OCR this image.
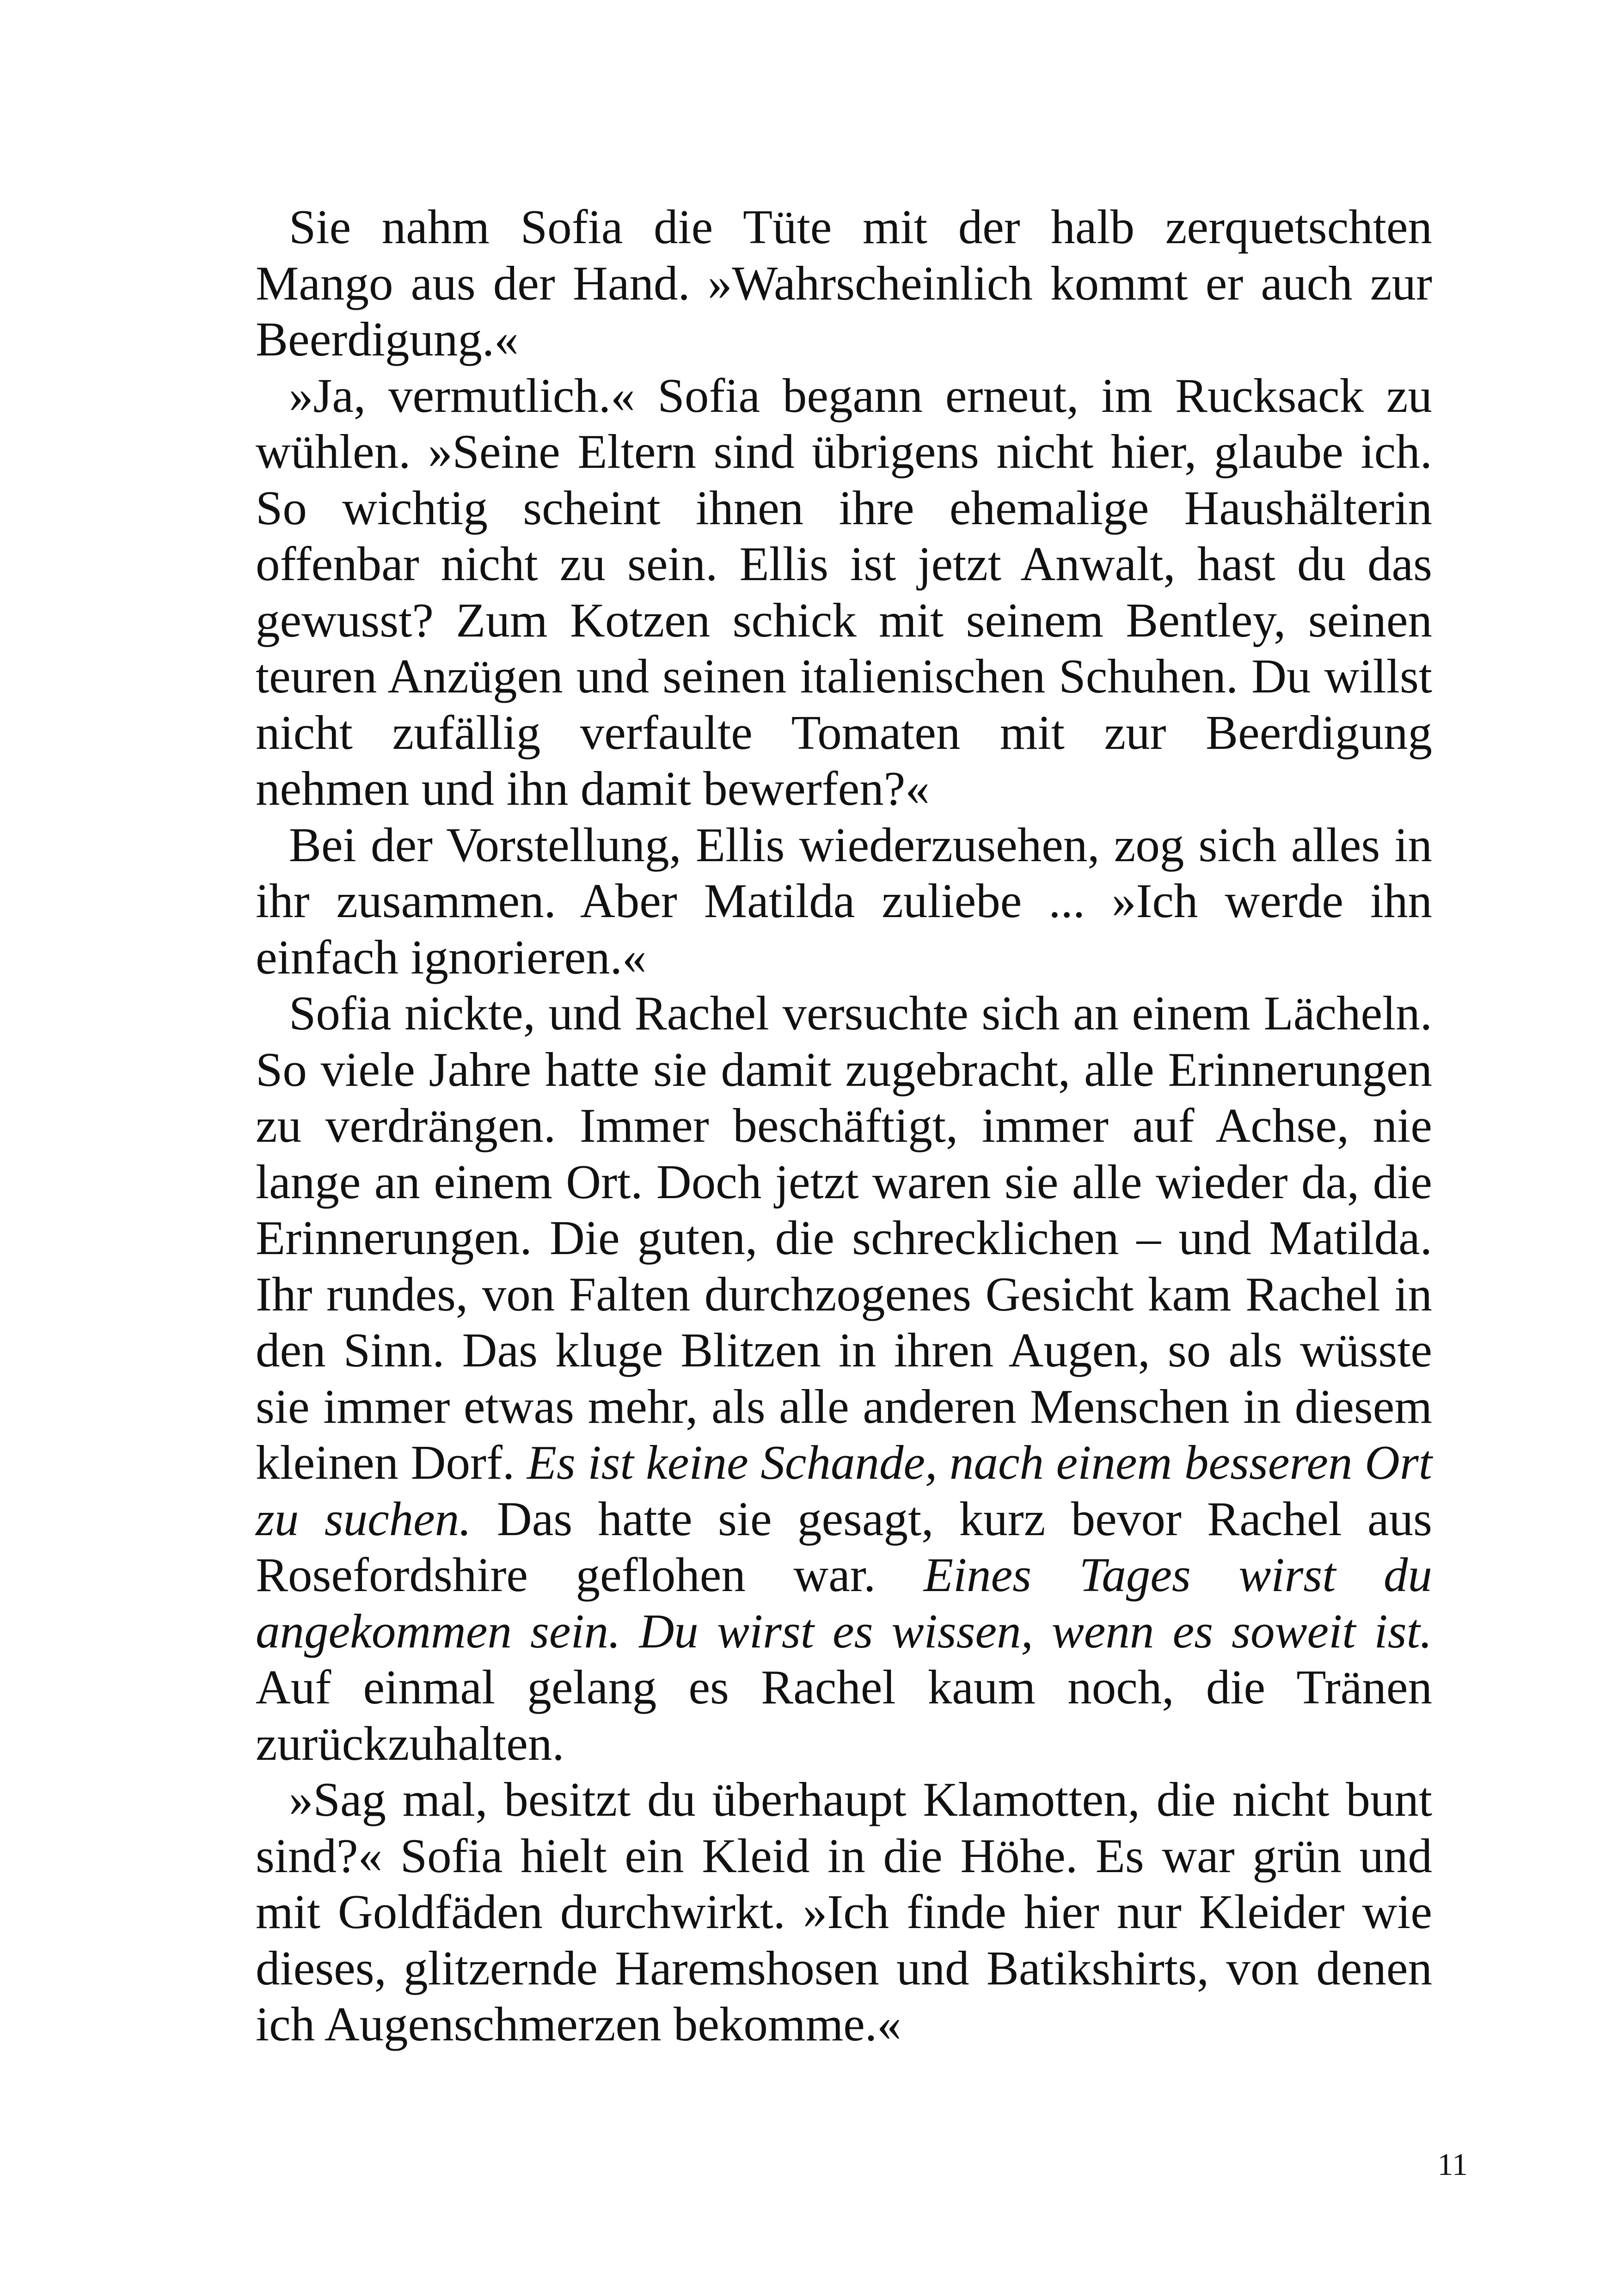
Sie nahm Sofia die Tüte mit der halb zerquetschten Mango aus der Hand. »Wahrscheinlich kommt er auch zur Beerdigung.«

»Ja, vermutlich.« Sofia begann erneut, im Rucksack zu wühlen. »Seine Eltern sind übrigens nicht hier, glaube ich. So wichtig scheint ihnen ihre ehemalige Haushälterin offenbar nicht zu sein. Ellis ist jetzt Anwalt, hast du das gewusst? Zum Kotzen schick mit seinem Bentley, seinen teuren Anzügen und seinen italienischen Schuhen. Du willst nicht zufällig verfaulte Tomaten mit zur Beerdigung nehmen und ihn damit bewerfen?«

Bei der Vorstellung, Ellis wiederzusehen, zog sich alles in ihr zusammen. Aber Matilda zuliebe ... »Ich werde ihn einfach ignorieren.«

Sofia nickte, und Rachel versuchte sich an einem Lächeln. So viele Jahre hatte sie damit zugebracht, alle Erinnerungen zu verdrängen. Immer beschäftigt, immer auf Achse, nie lange an einem Ort. Doch jetzt waren sie alle wieder da, die Erinnerungen. Die guten, die schrecklichen – und Matilda. Ihr rundes, von Falten durchzogenes Gesicht kam Rachel in den Sinn. Das kluge Blitzen in ihren Augen, so als wüsste sie immer etwas mehr, als alle anderen Menschen in diesem kleinen Dorf. Es ist keine Schande, nach einem besseren Ort zu suchen. Das hatte sie gesagt, kurz bevor Rachel aus Rosefordshire geflohen war. Eines Tages wirst du angekommen sein. Du wirst es wissen, wenn es soweit ist. Auf einmal gelang es Rachel kaum noch, die Tränen zurückzuhalten.

»Sag mal, besitzt du überhaupt Klamotten, die nicht bunt sind?« Sofia hielt ein Kleid in die Höhe. Es war grün und mit Goldfäden durchwirkt. »Ich finde hier nur Kleider wie dieses, glitzernde Haremshosen und Batikshirts, von denen ich Augenschmerzen bekomme.«

11
